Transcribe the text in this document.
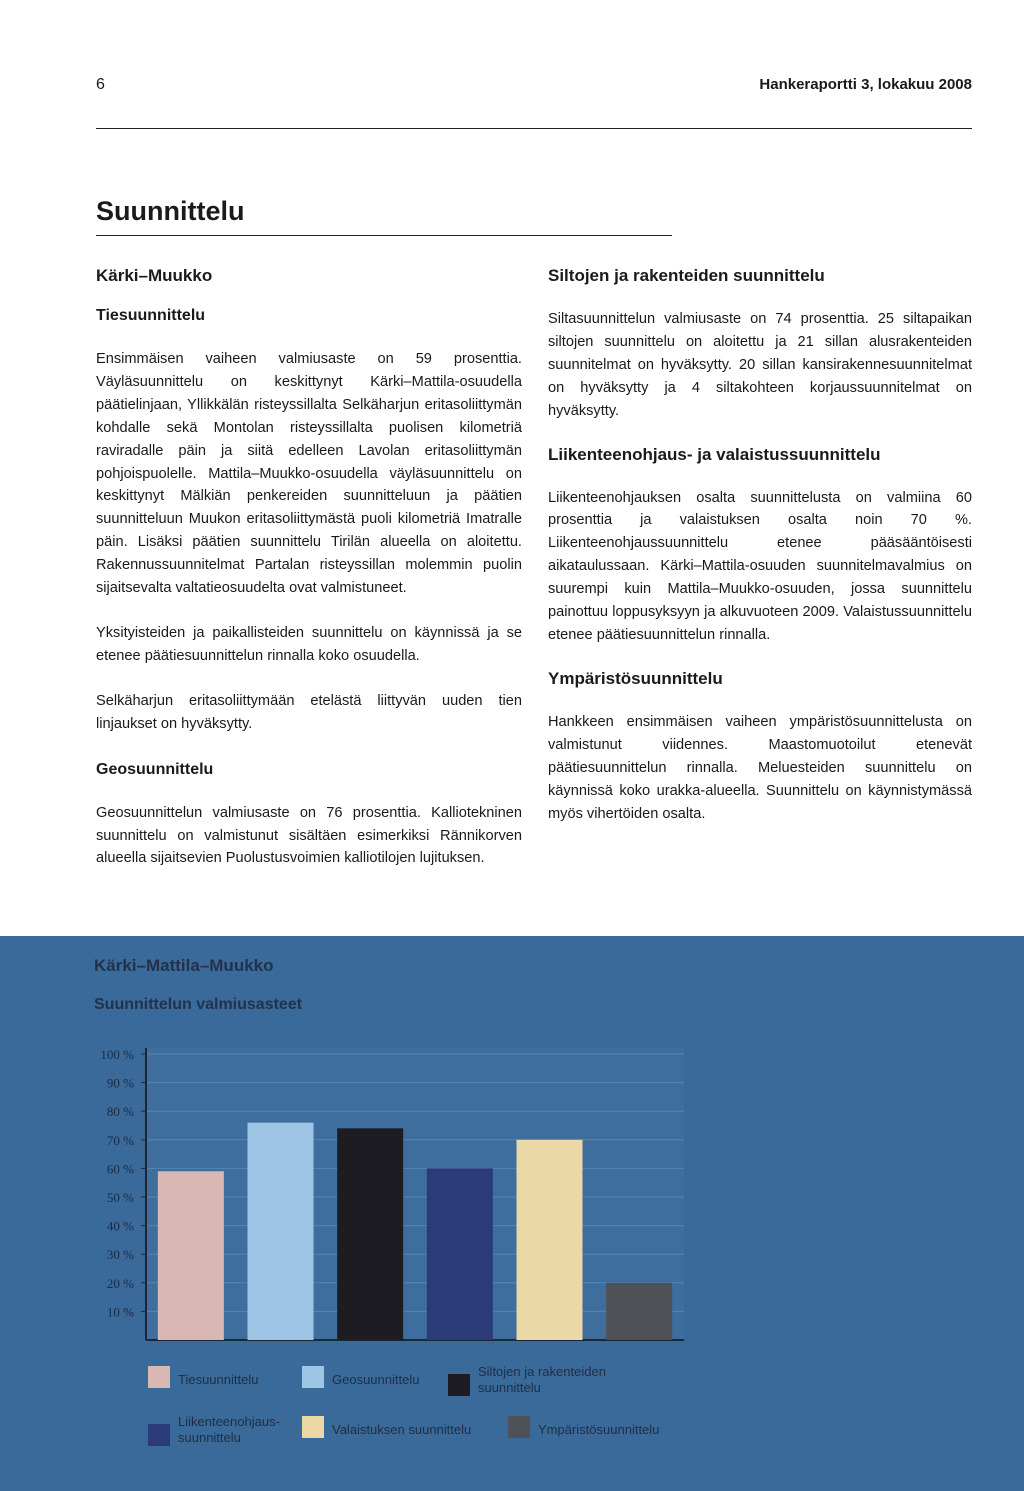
6	Hankeraportti 3, lokakuu 2008
Suunnittelu
Kärki–Muukko
Tiesuunnittelu

Ensimmäisen vaiheen valmiusaste on 59 prosenttia. Väyläsuunnittelu on keskittynyt Kärki–Mattila-osuudella päätielinjaan, Yllikkälän risteyssillalta Selkäharjun eritasoliittymän kohdalle sekä Montolan risteyssillalta puolisen kilometriä raviradalle päin ja siitä edelleen Lavolan eritasoliittymän pohjoispuolelle. Mattila–Muukko-osuudella väyläsuunnittelu on keskittynyt Mälkiän penkereiden suunnitteluun ja päätien suunnitteluun Muukon eritasoliittymästä puoli kilometriä Imatralle päin. Lisäksi päätien suunnittelu Tirilän alueella on aloitettu. Rakennussuunnitelmat Partalan risteyssillan molemmin puolin sijaitsevalta valtatieosuudelta ovat valmistuneet.

Yksityisteiden ja paikallisteiden suunnittelu on käynnissä ja se etenee päätiesuunnittelun rinnalla koko osuudella.

Selkäharjun eritasoliittymään etelästä liittyvän uuden tien linjaukset on hyväksytty.

Geosuunnittelu

Geosuunnittelun valmiusaste on 76 prosenttia. Kalliotekninen suunnittelu on valmistunut sisältäen esimerkiksi Rännikorven alueella sijaitsevien Puolustusvoimien kalliotilojen lujituksen.

Siltojen ja rakenteiden suunnittelu

Siltasuunnittelun valmiusaste on 74 prosenttia. 25 siltapaikan siltojen suunnittelu on aloitettu ja 21 sillan alusrakenteiden suunnitelmat on hyväksytty. 20 sillan kansirakennesuunnitelmat on hyväksytty ja 4 siltakohteen korjaussuunnitelmat on hyväksytty.

Liikenteenohjaus- ja valaistussuunnittelu

Liikenteenohjauksen osalta suunnittelusta on valmiina 60 prosenttia ja valaistuksen osalta noin 70 %. Liikenteenohjaussuunnittelu etenee pääsääntöisesti aikataulussaan. Kärki–Mattila-osuuden suunnitelmavalmius on suurempi kuin Mattila–Muukko-osuuden, jossa suunnittelu painottuu loppusyksyyn ja alkuvuoteen 2009. Valaistussuunnittelu etenee päätiesuunnittelun rinnalla.

Ympäristösuunnittelu

Hankkeen ensimmäisen vaiheen ympäristösuunnittelusta on valmistunut viidennes. Maastomuotoilut etenevät päätiesuunnittelun rinnalla. Meluesteiden suunnittelu on käynnissä koko urakka-alueella. Suunnittelu on käynnistymässä myös vihertöiden osalta.

Kärki–Mattila–Muukko
Suunnittelun valmiusasteet
100 %
90 %
80 %
70 %
60 %
50 %
40 %
30 %
20 %
10 %
Tiesuunnittelu	Geosuunnittelu
Siltojen ja rakenteiden suunnittelu
Liikenteenohjaus-suunnittelu
Valaistuksen suunnittelu	Ympäristösuunnittelu
